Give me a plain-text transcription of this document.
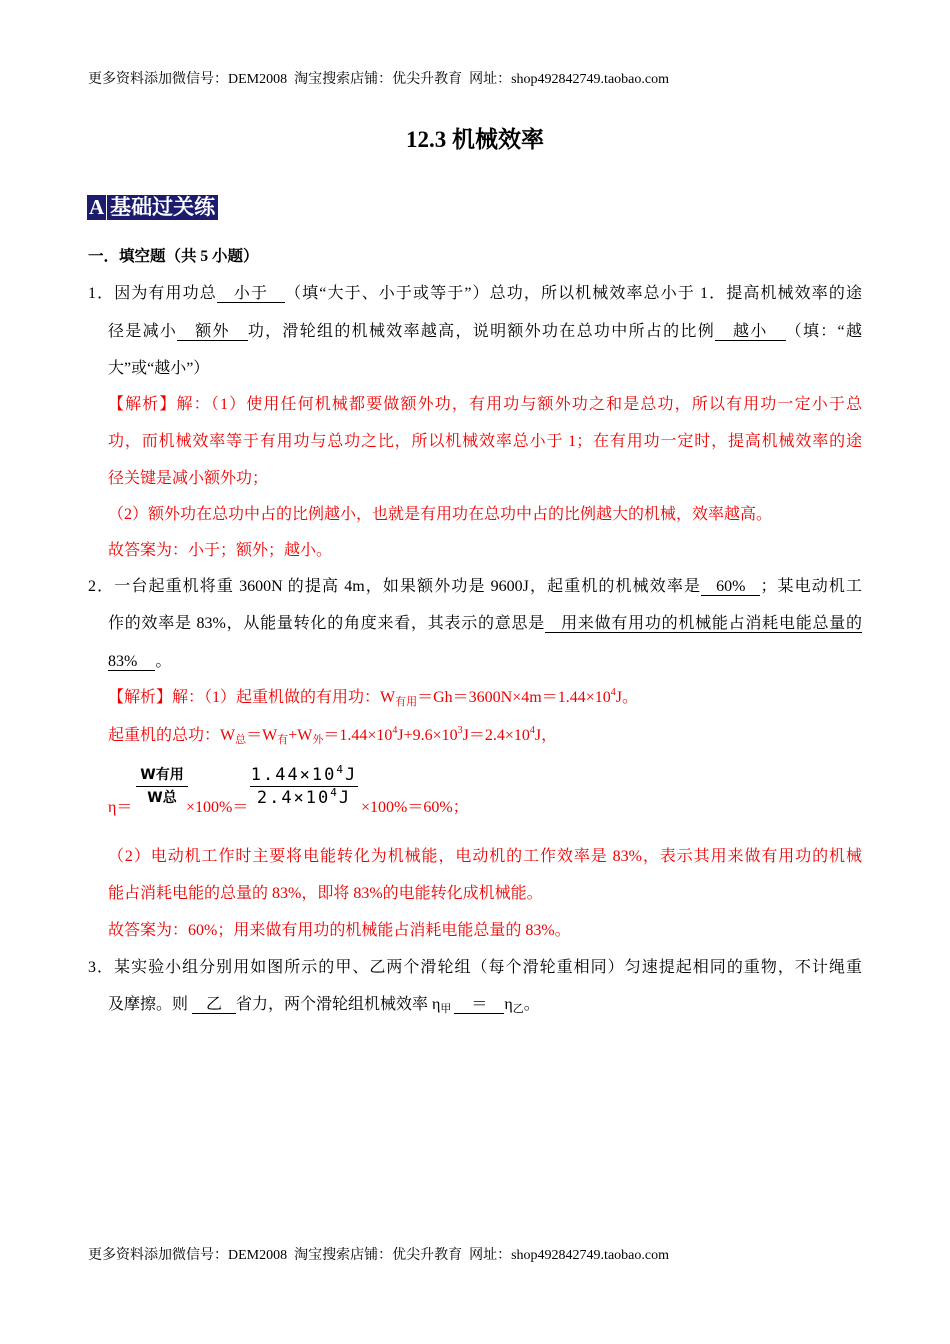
更多资料添加微信号：DEM2008  淘宝搜索店铺：优尖升教育  网址：shop492842749.taobao.com
12.3 机械效率
A 基础过关练
一．填空题（共 5 小题）
1．因为有用功总 小于 （填“大于、小于或等于”）总功，所以机械效率总小于 1．提高机械效率的途
径是减小 额外 功，滑轮组的机械效率越高，说明额外功在总功中所占的比例 越小 （填：“越
大”或“越小”）
【解析】解：（1）使用任何机械都要做额外功，有用功与额外功之和是总功，所以有用功一定小于总
功，而机械效率等于有用功与总功之比，所以机械效率总小于 1；在有用功一定时，提高机械效率的途
径关键是减小额外功；
（2）额外功在总功中占的比例越小，也就是有用功在总功中占的比例越大的机械，效率越高。
故答案为：小于；额外；越小。
2．一台起重机将重 3600N 的提高 4m，如果额外功是 9600J，起重机的机械效率是 60% ；某电动机工
作的效率是 83%，从能量转化的角度来看，其表示的意思是 用来做有用功的机械能占消耗电能总量的
83% 。
【解析】解：（1）起重机做的有用功：$W_{有用}=Gh=3600N\times 4m=1.44\times 10^4J$。
起重机的总功：$W_总=W_有+W_外=1.44\times 10^4J+9.6\times 10^3J=2.4\times 10^4J$，
η＝
W有用
W总
×100%＝
$1.44\times 10^4J$
$2.4\times 10^4J \times 100\%=60\%$；
（2）电动机工作时主要将电能转化为机械能，电动机的工作效率是 83%，表示其用来做有用功的机械
能占消耗电能的总量的 83%，即将 83%的电能转化成机械能。
故答案为：60%；用来做有用功的机械能占消耗电能总量的 83%。
3．某实验小组分别用如图所示的甲、乙两个滑轮组（每个滑轮重相同）匀速提起相同的重物，不计绳重
及摩擦。则 乙 省力，两个滑轮组机械效率 $\eta_甲 = \eta_乙$。
更多资料添加微信号：DEM2008  淘宝搜索店铺：优尖升教育  网址：shop492842749.taobao.com
